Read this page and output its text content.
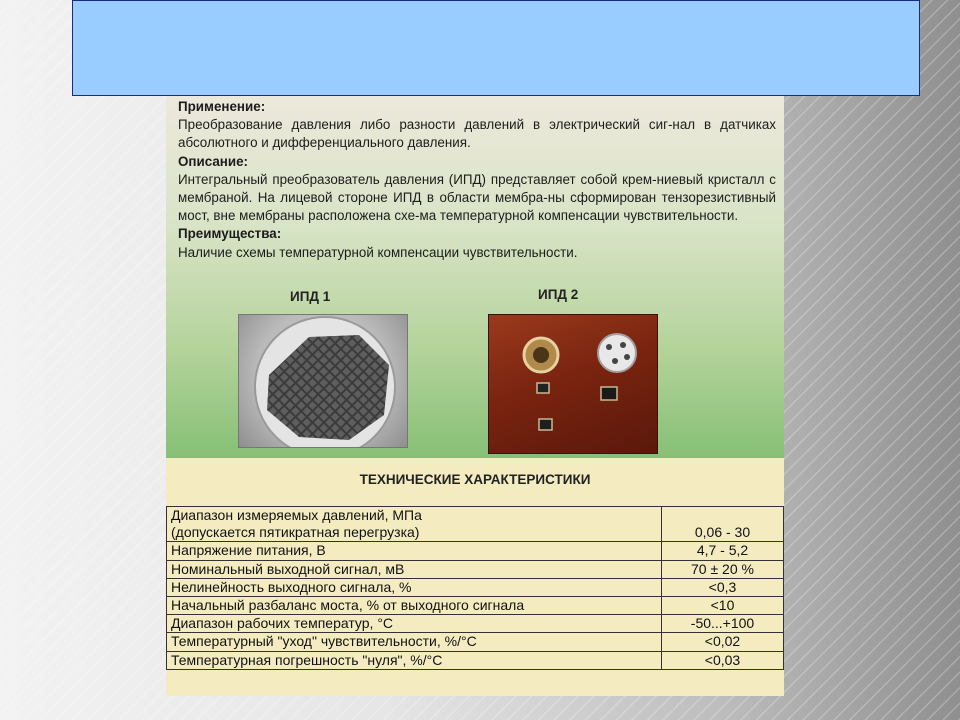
Применение:
Преобразование давления либо разности давлений в электрический сиг-нал в датчиках абсолютного и дифференциального давления.
Описание:
Интегральный преобразователь давления (ИПД) представляет собой крем-ниевый кристалл с мембраной. На лицевой стороне ИПД в области мембра-ны сформирован тензорезистивный мост, вне мембраны расположена схе-ма температурной компенсации чувствительности.
Преимущества:
Наличие схемы температурной компенсации чувствительности.
ИПД 1	ИПД 2
ТЕХНИЧЕСКИЕ ХАРАКТЕРИСТИКИ
Диапазон измеряемых давлений, МПа	
(допускается пятикратная перегрузка)	0,06 - 30
Напряжение питания, В	4,7 - 5,2
Номинальный выходной сигнал, мВ	70 ± 20 %
Нелинейность выходного сигнала, %	<0,3
Начальный разбаланс моста, % от выходного сигнала	<10
Диапазон рабочих температур, °С	-50...+100
Температурный "уход" чувствительности, %/°С	<0,02
Температурная погрешность "нуля", %/°С	<0,03
